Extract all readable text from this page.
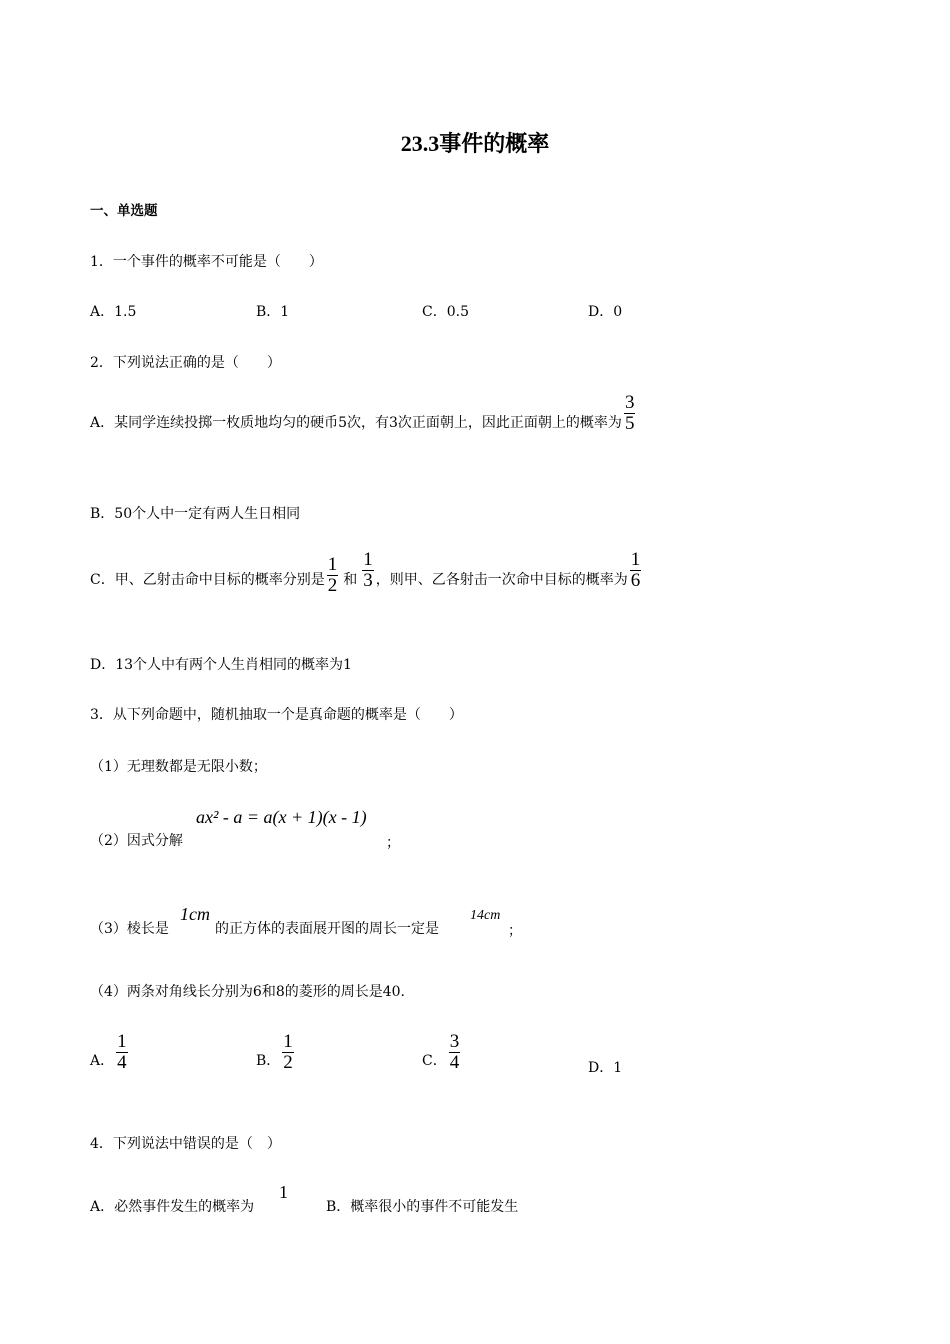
23.3事件的概率
一、单选题
1．一个事件的概率不可能是（　　）
A．1.5	B．1	C．0.5	D．0
2．下列说法正确的是（　　）
A．某同学连续投掷一枚质地均匀的硬币5次，有3次正面朝上，因此正面朝上的概率为 $\frac{3}{5}$
B．50个人中一定有两人生日相同
C．甲、乙射击命中目标的概率分别是 $\frac{1}{2}$ 和 $\frac{1}{3}$ ，则甲、乙各射击一次命中目标的概率为 $\frac{1}{6}$
D．13个人中有两个人生肖相同的概率为1
3．从下列命题中，随机抽取一个是真命题的概率是（　　）
（1）无理数都是无限小数；
（2）因式分解
ax² - a = a(x + 1)(x - 1)
；
（3）棱长是
1cm
的正方体的表面展开图的周长一定是
14cm
；
（4）两条对角线长分别为6和8的菱形的周长是40.
A． $\frac{1}{4}$	B． $\frac{1}{2}$	C． $\frac{3}{4}$	D．1
4．下列说法中错误的是（　）
A．必然事件发生的概率为
1
B．概率很小的事件不可能发生
